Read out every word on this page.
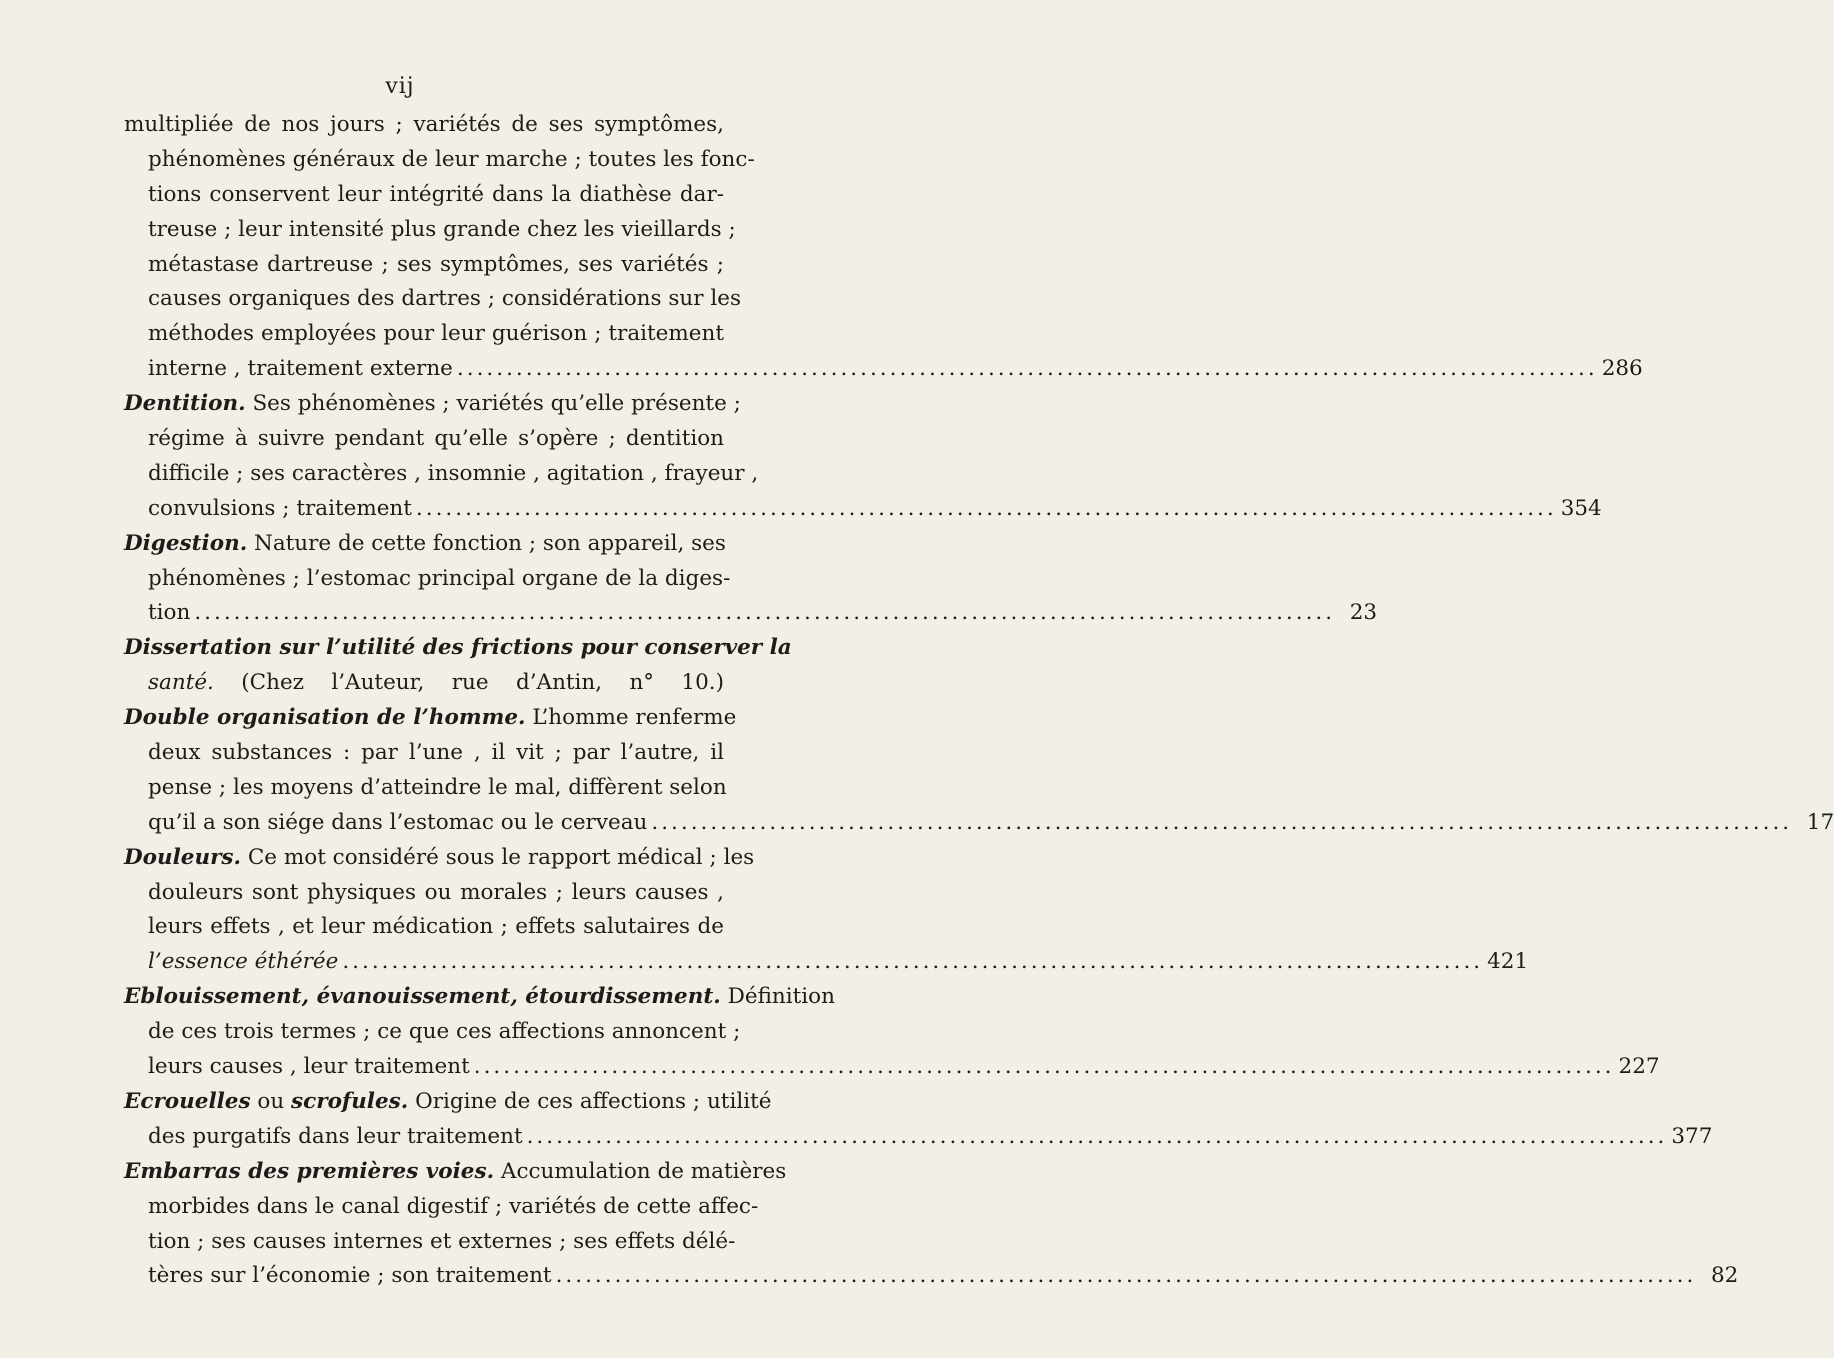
vij
multipliée de nos jours ; variétés de ses symptômes,
phénomènes généraux de leur marche ; toutes les fonc-
tions conservent leur intégrité dans la diathèse dar-
treuse ; leur intensité plus grande chez les vieillards ;
métastase dartreuse ; ses symptômes, ses variétés ;
causes organiques des dartres ; considérations sur les
méthodes employées pour leur guérison ; traitement
interne , traitement externe .....	286
Dentition. Ses phénomènes ; variétés qu’elle présente ;
régime à suivre pendant qu’elle s’opère ; dentition
difficile ; ses caractères , insomnie , agitation , frayeur ,
convulsions ; traitement .....	354
Digestion. Nature de cette fonction ; son appareil, ses
phénomènes ; l’estomac principal organe de la diges-
tion .....	23
Dissertation sur l’utilité des frictions pour conserver la
santé. (Chez l’Auteur, rue d’Antin, n° 10.)
Double organisation de l’homme. L’homme renferme
deux substances : par l’une , il vit ; par l’autre, il
pense ; les moyens d’atteindre le mal, diffèrent selon
qu’il a son siége dans l’estomac ou le cerveau .....	17
Douleurs. Ce mot considéré sous le rapport médical ; les
douleurs sont physiques ou morales ; leurs causes ,
leurs effets , et leur médication ; effets salutaires de
l’essence éthérée .....	421
Eblouissement, évanouissement, étourdissement. Définition
de ces trois termes ; ce que ces affections annoncent ;
leurs causes , leur traitement .....	227
Ecrouelles ou scrofules. Origine de ces affections ; utilité
des purgatifs dans leur traitement .....	377
Embarras des premières voies. Accumulation de matières
morbides dans le canal digestif ; variétés de cette affec-
tion ; ses causes internes et externes ; ses effets délé-
tères sur l’économie ; son traitement .....	82
